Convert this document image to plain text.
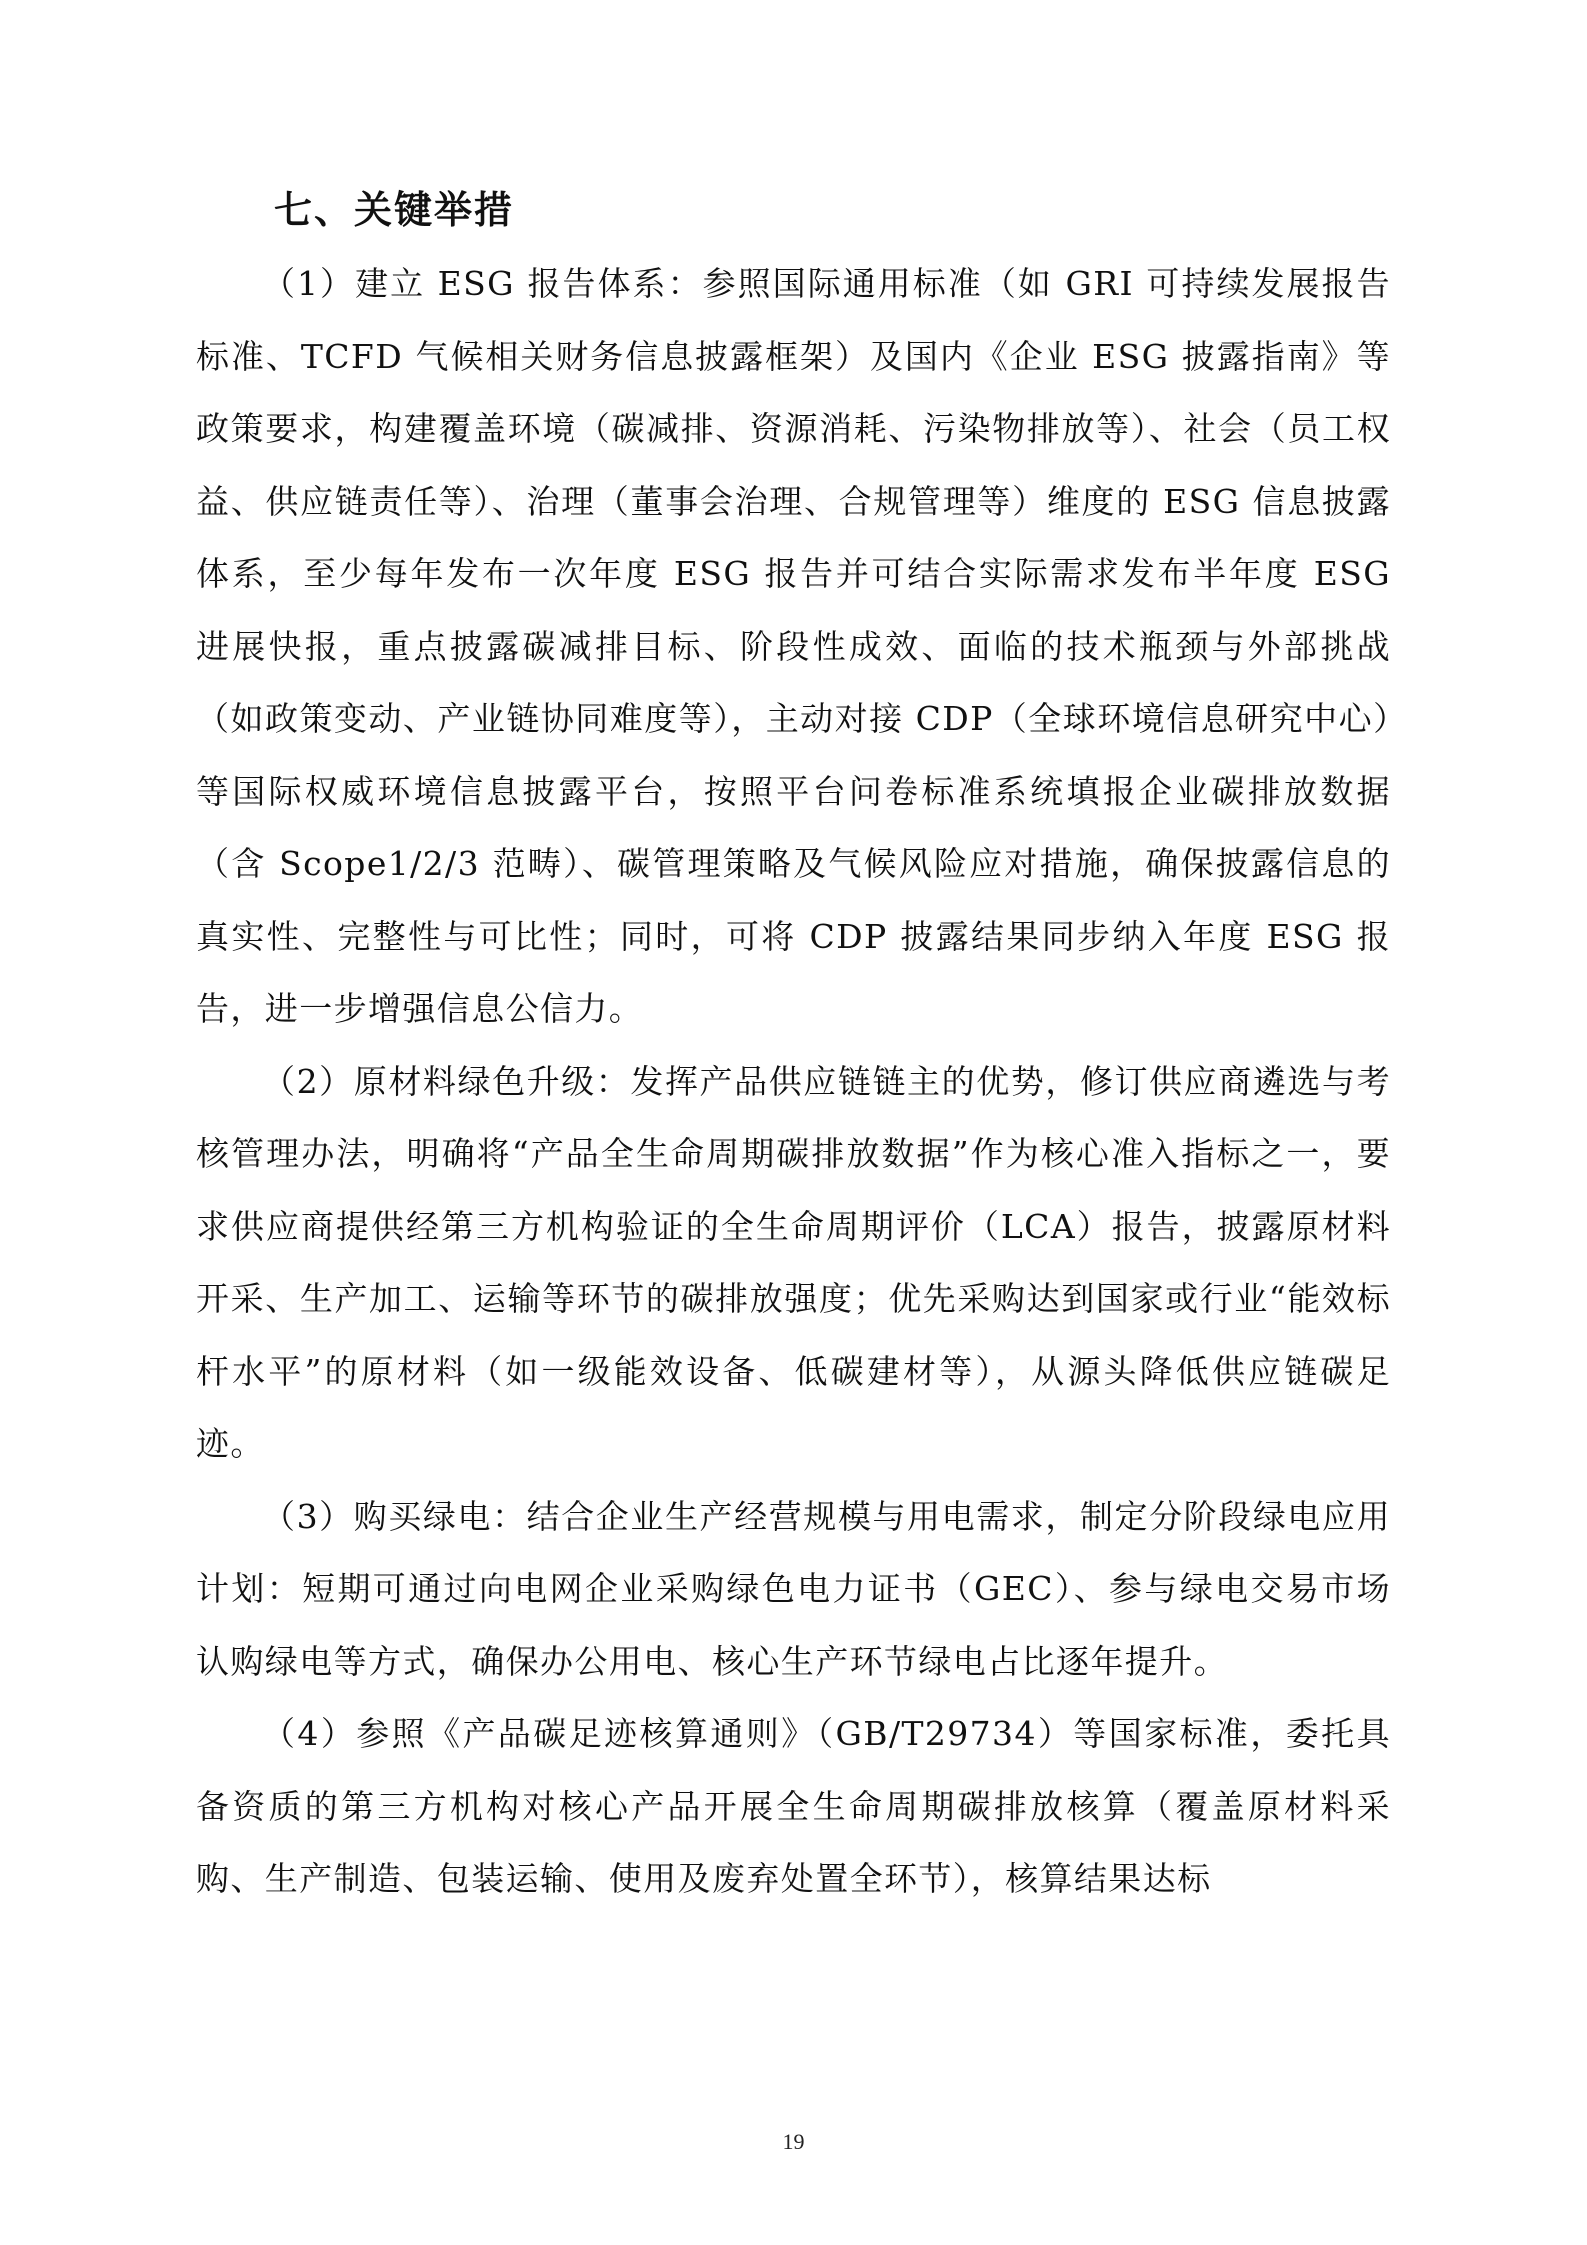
七、关键举措

（1）建立 ESG 报告体系：参照国际通用标准（如 GRI 可持续发展报告标准、TCFD 气候相关财务信息披露框架）及国内《企业 ESG 披露指南》等政策要求，构建覆盖环境（碳减排、资源消耗、污染物排放等）、社会（员工权益、供应链责任等）、治理（董事会治理、合规管理等）维度的 ESG 信息披露体系，至少每年发布一次年度 ESG 报告并可结合实际需求发布半年度 ESG 进展快报，重点披露碳减排目标、阶段性成效、面临的技术瓶颈与外部挑战（如政策变动、产业链协同难度等），主动对接 CDP（全球环境信息研究中心）等国际权威环境信息披露平台，按照平台问卷标准系统填报企业碳排放数据（含 Scope1/2/3 范畴）、碳管理策略及气候风险应对措施，确保披露信息的真实性、完整性与可比性；同时，可将 CDP 披露结果同步纳入年度 ESG 报告，进一步增强信息公信力。

（2）原材料绿色升级：发挥产品供应链链主的优势，修订供应商遴选与考核管理办法，明确将“产品全生命周期碳排放数据”作为核心准入指标之一，要求供应商提供经第三方机构验证的全生命周期评价（LCA）报告，披露原材料开采、生产加工、运输等环节的碳排放强度；优先采购达到国家或行业“能效标杆水平”的原材料（如一级能效设备、低碳建材等），从源头降低供应链碳足迹。

（3）购买绿电：结合企业生产经营规模与用电需求，制定分阶段绿电应用计划：短期可通过向电网企业采购绿色电力证书（GEC）、参与绿电交易市场认购绿电等方式，确保办公用电、核心生产环节绿电占比逐年提升。

（4）参照《产品碳足迹核算通则》（GB/T29734）等国家标准，委托具备资质的第三方机构对核心产品开展全生命周期碳排放核算（覆盖原材料采购、生产制造、包装运输、使用及废弃处置全环节），核算结果达标

19
